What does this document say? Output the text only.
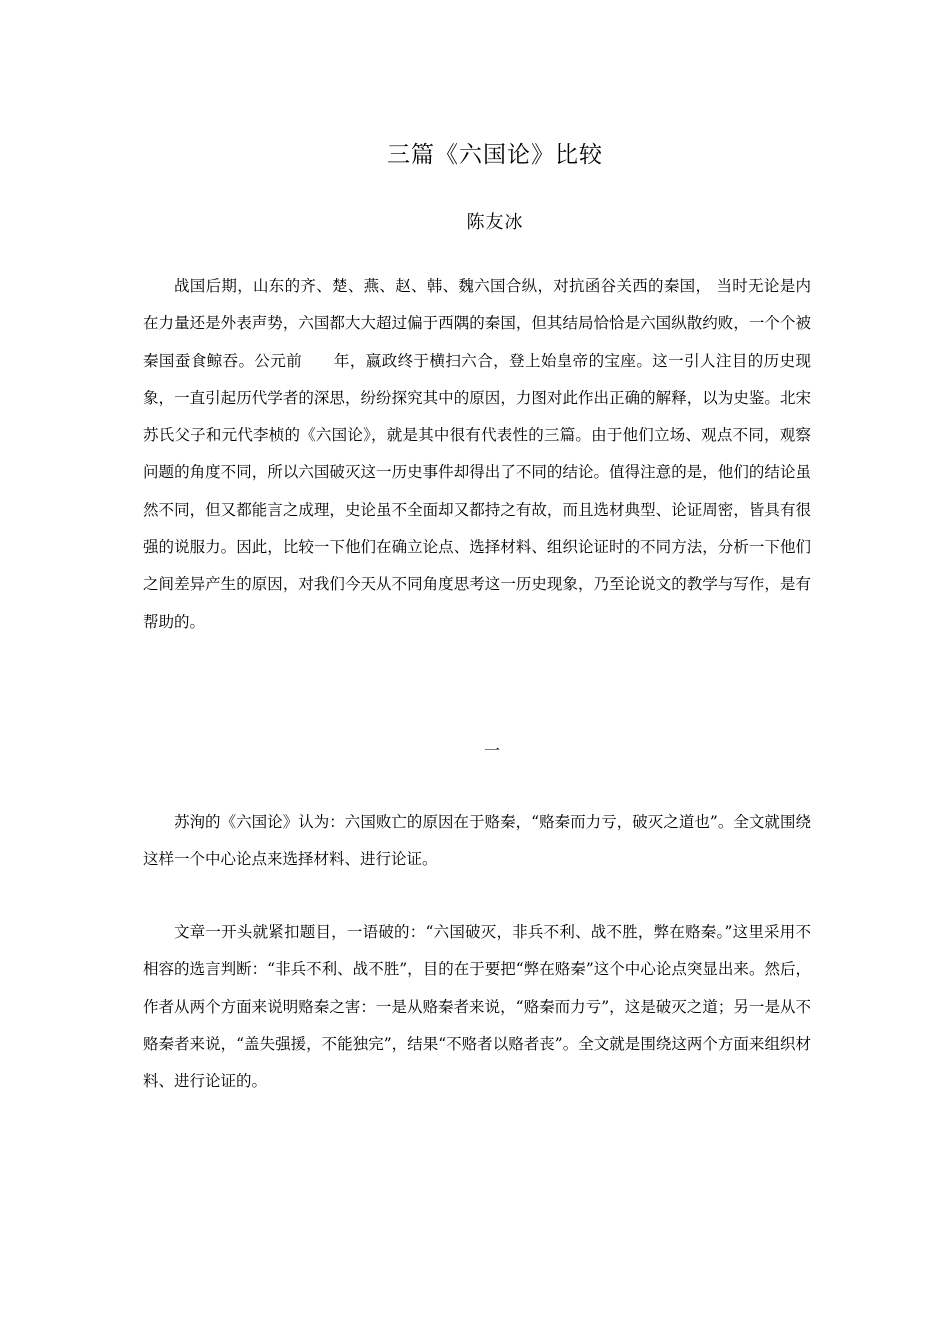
三篇《六国论》比较
陈友冰

战国后期，山东的齐、楚、燕、赵、韩、魏六国合纵，对抗函谷关西的秦国， 当时无论是内在力量还是外表声势，六国都大大超过偏于西隅的秦国，但其结局恰恰是六国纵散约败，一个个被秦国蚕食鲸吞。公元前　　年，嬴政终于横扫六合，登上始皇帝的宝座。这一引人注目的历史现象，一直引起历代学者的深思，纷纷探究其中的原因，力图对此作出正确的解释，以为史鉴。北宋苏氏父子和元代李桢的《六国论》，就是其中很有代表性的三篇。由于他们立场、观点不同，观察问题的角度不同，所以六国破灭这一历史事件却得出了不同的结论。值得注意的是，他们的结论虽然不同，但又都能言之成理，史论虽不全面却又都持之有故，而且选材典型、论证周密，皆具有很强的说服力。因此，比较一下他们在确立论点、选择材料、组织论证时的不同方法，分析一下他们之间差异产生的原因，对我们今天从不同角度思考这一历史现象，乃至论说文的教学与写作，是有帮助的。

一

苏洵的《六国论》认为：六国败亡的原因在于赂秦，“赂秦而力亏，破灭之道也”。全文就围绕这样一个中心论点来选择材料、进行论证。

文章一开头就紧扣题目，一语破的：“六国破灭，非兵不利、战不胜，弊在赂秦。”这里采用不相容的选言判断：“非兵不利、战不胜”，目的在于要把“弊在赂秦”这个中心论点突显出来。然后，作者从两个方面来说明赂秦之害：一是从赂秦者来说，“赂秦而力亏”，这是破灭之道；另一是从不赂秦者来说，“盖失强援，不能独完”，结果“不赂者以赂者丧”。全文就是围绕这两个方面来组织材料、进行论证的。
